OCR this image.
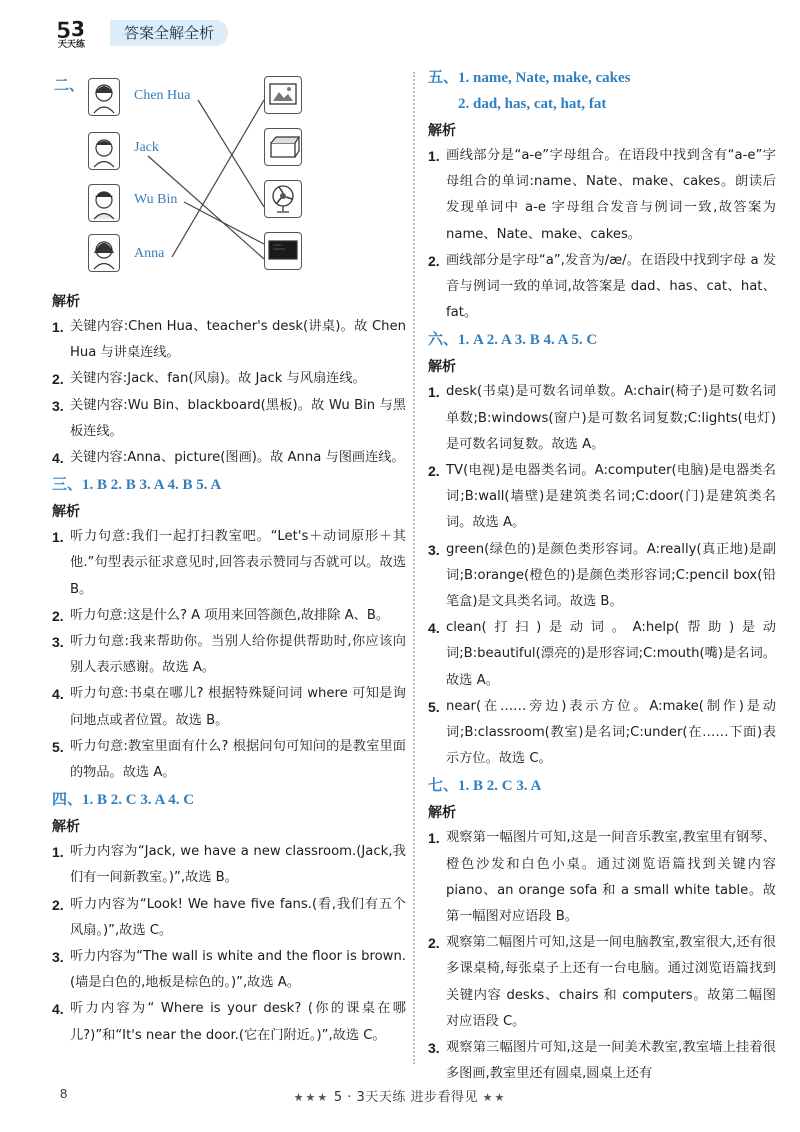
5 3
天天练
答案全解全析
二、
Chen Hua
Jack
Wu Bin
Anna
解析
1. 关键内容:Chen Hua、teacher's desk(讲桌)。故 Chen Hua 与讲桌连线。
2. 关键内容:Jack、fan(风扇)。故 Jack 与风扇连线。
3. 关键内容:Wu Bin、blackboard(黑板)。故 Wu Bin 与黑板连线。
4. 关键内容:Anna、picture(图画)。故 Anna 与图画连线。
三、1. B 2. B 3. A 4. B 5. A
解析
1. 听力句意:我们一起打扫教室吧。“Let's＋动词原形＋其他.”句型表示征求意见时,回答表示赞同与否就可以。故选 B。
2. 听力句意:这是什么? A 项用来回答颜色,故排除 A、B。
3. 听力句意:我来帮助你。当别人给你提供帮助时,你应该向别人表示感谢。故选 A。
4. 听力句意:书桌在哪儿? 根据特殊疑问词 where 可知是询问地点或者位置。故选 B。
5. 听力句意:教室里面有什么? 根据问句可知问的是教室里面的物品。故选 A。
四、1. B 2. C 3. A 4. C
解析
1. 听力内容为“Jack, we have a new classroom.(Jack,我们有一间新教室。)”,故选 B。
2. 听力内容为“Look! We have five fans.(看,我们有五个风扇。)”,故选 C。
3. 听力内容为“The wall is white and the floor is brown.(墙是白色的,地板是棕色的。)”,故选 A。
4. 听力内容为“ Where is your desk? (你的课桌在哪儿?)”和“It's near the door.(它在门附近。)”,故选 C。
五、1. name, Nate, make, cakes
2. dad, has, cat, hat, fat
解析
1. 画线部分是“a-e”字母组合。在语段中找到含有“a-e”字母组合的单词:name、Nate、make、cakes。朗读后发现单词中 a-e 字母组合发音与例词一致,故答案为 name、Nate、make、cakes。
2. 画线部分是字母“a”,发音为/æ/。在语段中找到字母 a 发音与例词一致的单词,故答案是 dad、has、cat、hat、fat。
六、1. A 2. A 3. B 4. A 5. C
解析
1. desk(书桌)是可数名词单数。A:chair(椅子)是可数名词单数;B:windows(窗户)是可数名词复数;C:lights(电灯)是可数名词复数。故选 A。
2. TV(电视)是电器类名词。A:computer(电脑)是电器类名词;B:wall(墙壁)是建筑类名词;C:door(门)是建筑类名词。故选 A。
3. green(绿色的)是颜色类形容词。A:really(真正地)是副词;B:orange(橙色的)是颜色类形容词;C:pencil box(铅笔盒)是文具类名词。故选 B。
4. clean(打扫)是动词。A:help(帮助)是动词;B:beautiful(漂亮的)是形容词;C:mouth(嘴)是名词。故选 A。
5. near(在……旁边)表示方位。A:make(制作)是动词;B:classroom(教室)是名词;C:under(在……下面)表示方位。故选 C。
七、1. B 2. C 3. A
解析
1. 观察第一幅图片可知,这是一间音乐教室,教室里有钢琴、橙色沙发和白色小桌。通过浏览语篇找到关键内容 piano、an orange sofa 和 a small white table。故第一幅图对应语段 B。
2. 观察第二幅图片可知,这是一间电脑教室,教室很大,还有很多课桌椅,每张桌子上还有一台电脑。通过浏览语篇找到关键内容 desks、chairs 和 computers。故第二幅图对应语段 C。
3. 观察第三幅图片可知,这是一间美术教室,教室墙上挂着很多图画,教室里还有圆桌,圆桌上还有
8	★★★ 5 · 3天天练 进步看得见 ★★
